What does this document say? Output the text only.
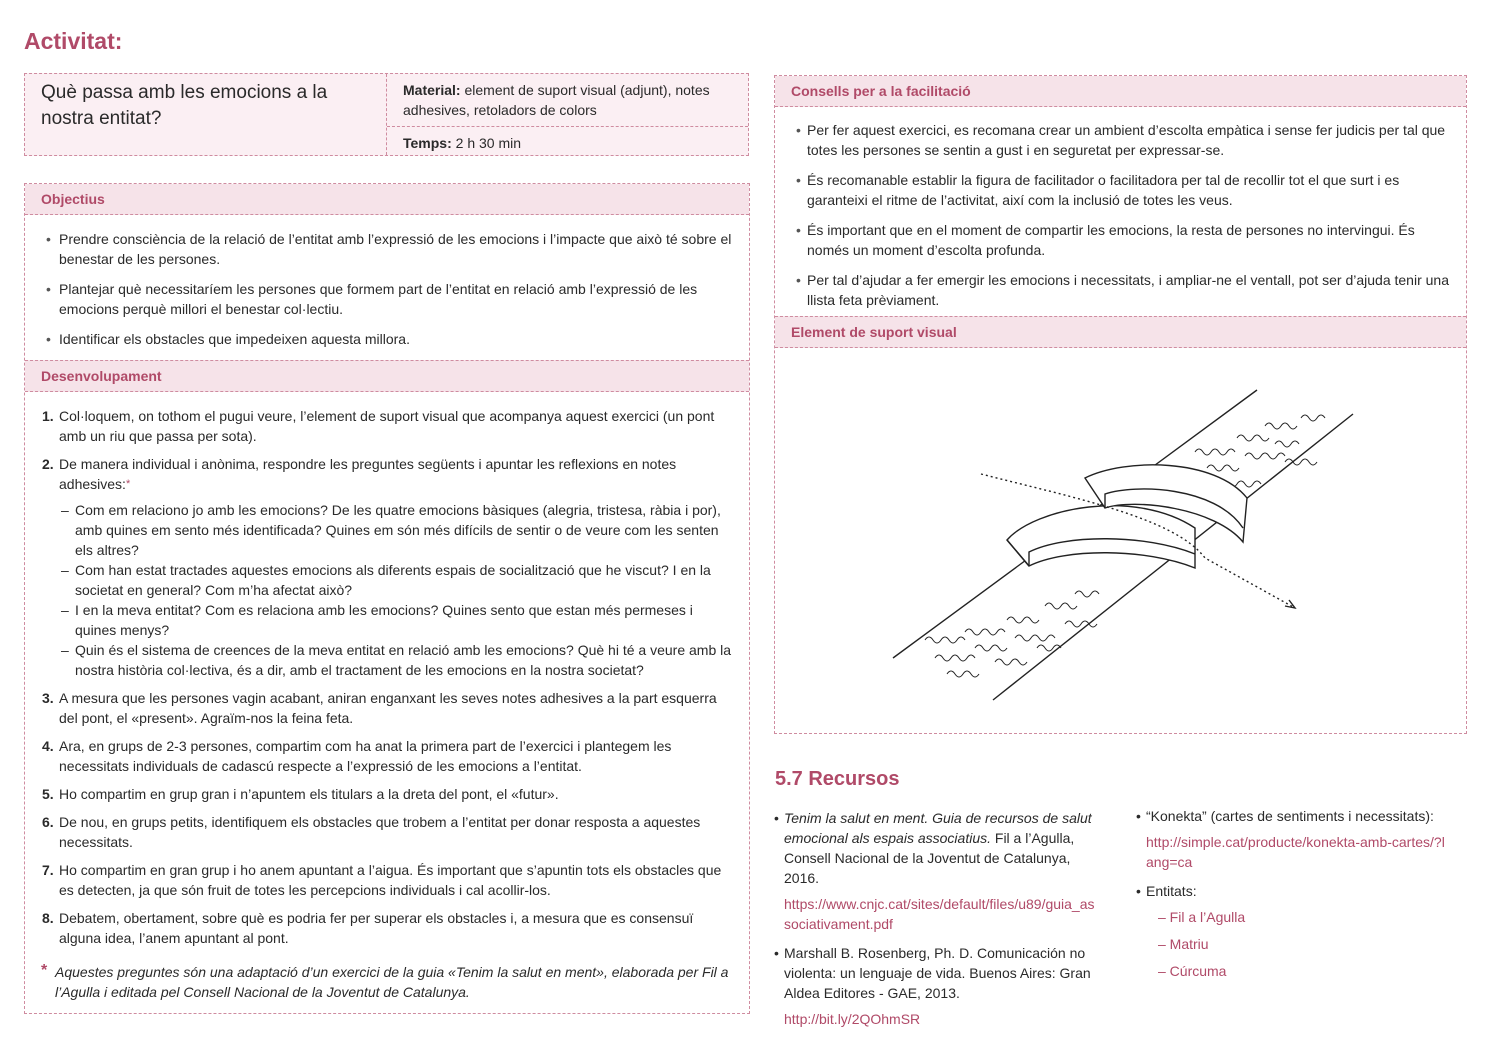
Activitat:
Què passa amb les emocions a la nostra entitat?
Material: element de suport visual (adjunt), notes adhesives, retoladors de colors
Temps: 2 h 30 min
Objectius
• Prendre consciència de la relació de l’entitat amb l’expressió de les emocions i l’impacte que això té sobre el benestar de les persones.
• Plantejar què necessitaríem les persones que formem part de l’entitat en relació amb l’expressió de les emocions perquè millori el benestar col·lectiu.
• Identificar els obstacles que impedeixen aquesta millora.
Desenvolupament
1. Col·loquem, on tothom el pugui veure, l’element de suport visual que acompanya aquest exercici (un pont amb un riu que passa per sota).
2. De manera individual i anònima, respondre les preguntes següents i apuntar les reflexions en notes adhesives:*
– Com em relaciono jo amb les emocions? De les quatre emocions bàsiques (alegria, tristesa, ràbia i por), amb quines em sento més identificada? Quines em són més difícils de sentir o de veure com les senten els altres?
– Com han estat tractades aquestes emocions als diferents espais de socialització que he viscut? I en la societat en general? Com m’ha afectat això?
– I en la meva entitat? Com es relaciona amb les emocions? Quines sento que estan més permeses i quines menys?
– Quin és el sistema de creences de la meva entitat en relació amb les emocions? Què hi té a veure amb la nostra història col·lectiva, és a dir, amb el tractament de les emocions en la nostra societat?
3. A mesura que les persones vagin acabant, aniran enganxant les seves notes adhesives a la part esquerra del pont, el «present». Agraïm-nos la feina feta.
4. Ara, en grups de 2-3 persones, compartim com ha anat la primera part de l’exercici i plantegem les necessitats individuals de cadascú respecte a l’expressió de les emocions a l’entitat.
5. Ho compartim en grup gran i n’apuntem els titulars a la dreta del pont, el «futur».
6. De nou, en grups petits, identifiquem els obstacles que trobem a l’entitat per donar resposta a aquestes necessitats.
7. Ho compartim en gran grup i ho anem apuntant a l’aigua. És important que s’apuntin tots els obstacles que es detecten, ja que són fruit de totes les percepcions individuals i cal acollir-los.
8. Debatem, obertament, sobre què es podria fer per superar els obstacles i, a mesura que es consensuï alguna idea, l’anem apuntant al pont.
* Aquestes preguntes són una adaptació d’un exercici de la guia «Tenim la salut en ment», elaborada per Fil a l’Agulla i editada pel Consell Nacional de la Joventut de Catalunya.
Consells per a la facilitació
• Per fer aquest exercici, es recomana crear un ambient d’escolta empàtica i sense fer judicis per tal que totes les persones se sentin a gust i en seguretat per expressar-se.
• És recomanable establir la figura de facilitador o facilitadora per tal de recollir tot el que surt i es garanteixi el ritme de l’activitat, així com la inclusió de totes les veus.
• És important que en el moment de compartir les emocions, la resta de persones no intervingui. És només un moment d’escolta profunda.
• Per tal d’ajudar a fer emergir les emocions i necessitats, i ampliar-ne el ventall, pot ser d’ajuda tenir una llista feta prèviament.
Element de suport visual
5.7 Recursos
• Tenim la salut en ment. Guia de recursos de salut emocional als espais associatius. Fil a l’Agulla, Consell Nacional de la Joventut de Catalunya, 2016.
https://www.cnjc.cat/sites/default/files/u89/guia_associativament.pdf
• Marshall B. Rosenberg, Ph. D. Comunicación no violenta: un lenguaje de vida. Buenos Aires: Gran Aldea Editores - GAE, 2013.
http://bit.ly/2QOhmSR
• “Konekta” (cartes de sentiments i necessitats):
http://simple.cat/producte/konekta-amb-cartes/?lang=ca
• Entitats:
– Fil a l’Agulla
– Matriu
– Cúrcuma
